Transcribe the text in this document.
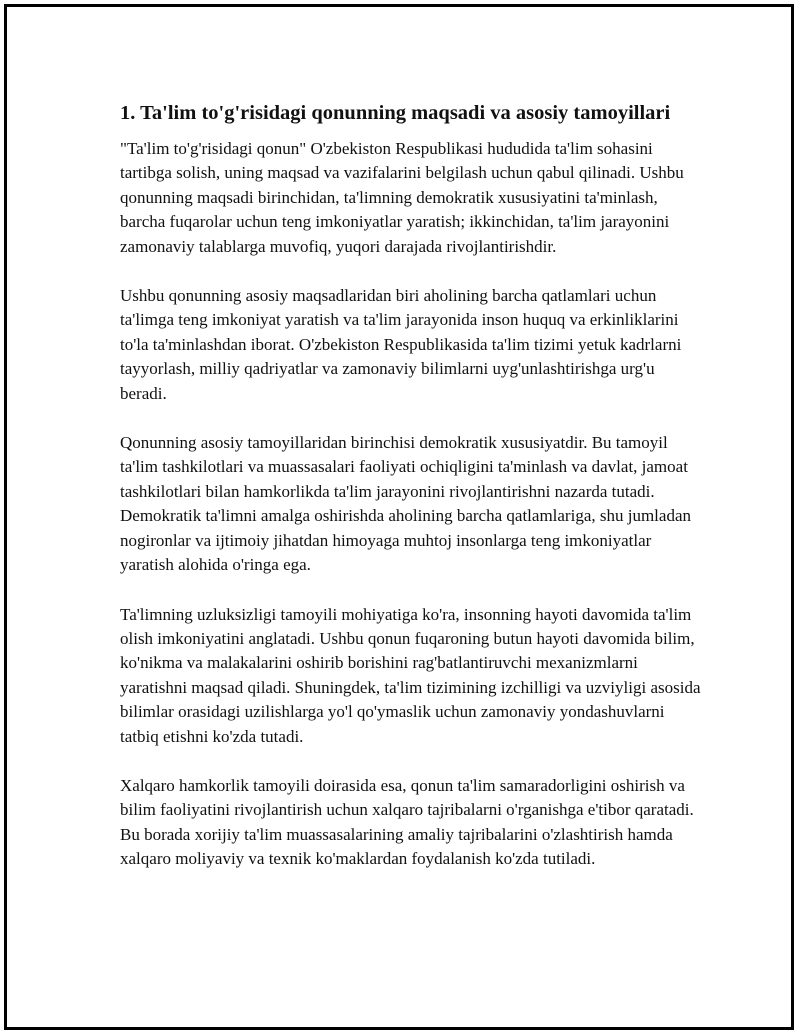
1. Ta'lim to'g'risidagi qonunning maqsadi va asosiy tamoyillari

"Ta'lim to'g'risidagi qonun" O'zbekiston Respublikasi hududida ta'lim sohasini tartibga solish, uning maqsad va vazifalarini belgilash uchun qabul qilinadi. Ushbu qonunning maqsadi birinchidan, ta'limning demokratik xususiyatini ta'minlash, barcha fuqarolar uchun teng imkoniyatlar yaratish; ikkinchidan, ta'lim jarayonini zamonaviy talablarga muvofiq, yuqori darajada rivojlantirishdir.

Ushbu qonunning asosiy maqsadlaridan biri aholining barcha qatlamlari uchun ta'limga teng imkoniyat yaratish va ta'lim jarayonida inson huquq va erkinliklarini to'la ta'minlashdan iborat. O'zbekiston Respublikasida ta'lim tizimi yetuk kadrlarni tayyorlash, milliy qadriyatlar va zamonaviy bilimlarni uyg'unlashtirishga urg'u beradi.

Qonunning asosiy tamoyillaridan birinchisi demokratik xususiyatdir. Bu tamoyil ta'lim tashkilotlari va muassasalari faoliyati ochiqligini ta'minlash va davlat, jamoat tashkilotlari bilan hamkorlikda ta'lim jarayonini rivojlantirishni nazarda tutadi. Demokratik ta'limni amalga oshirishda aholining barcha qatlamlariga, shu jumladan nogironlar va ijtimoiy jihatdan himoyaga muhtoj insonlarga teng imkoniyatlar yaratish alohida o'ringa ega.

Ta'limning uzluksizligi tamoyili mohiyatiga ko'ra, insonning hayoti davomida ta'lim olish imkoniyatini anglatadi. Ushbu qonun fuqaroning butun hayoti davomida bilim, ko'nikma va malakalarini oshirib borishini rag'batlantiruvchi mexanizmlarni yaratishni maqsad qiladi. Shuningdek, ta'lim tizimining izchilligi va uzviyligi asosida bilimlar orasidagi uzilishlarga yo'l qo'ymaslik uchun zamonaviy yondashuvlarni tatbiq etishni ko'zda tutadi.

Xalqaro hamkorlik tamoyili doirasida esa, qonun ta'lim samaradorligini oshirish va bilim faoliyatini rivojlantirish uchun xalqaro tajribalarni o'rganishga e'tibor qaratadi. Bu borada xorijiy ta'lim muassasalarining amaliy tajribalarini o'zlashtirish hamda xalqaro moliyaviy va texnik ko'maklardan foydalanish ko'zda tutiladi.
